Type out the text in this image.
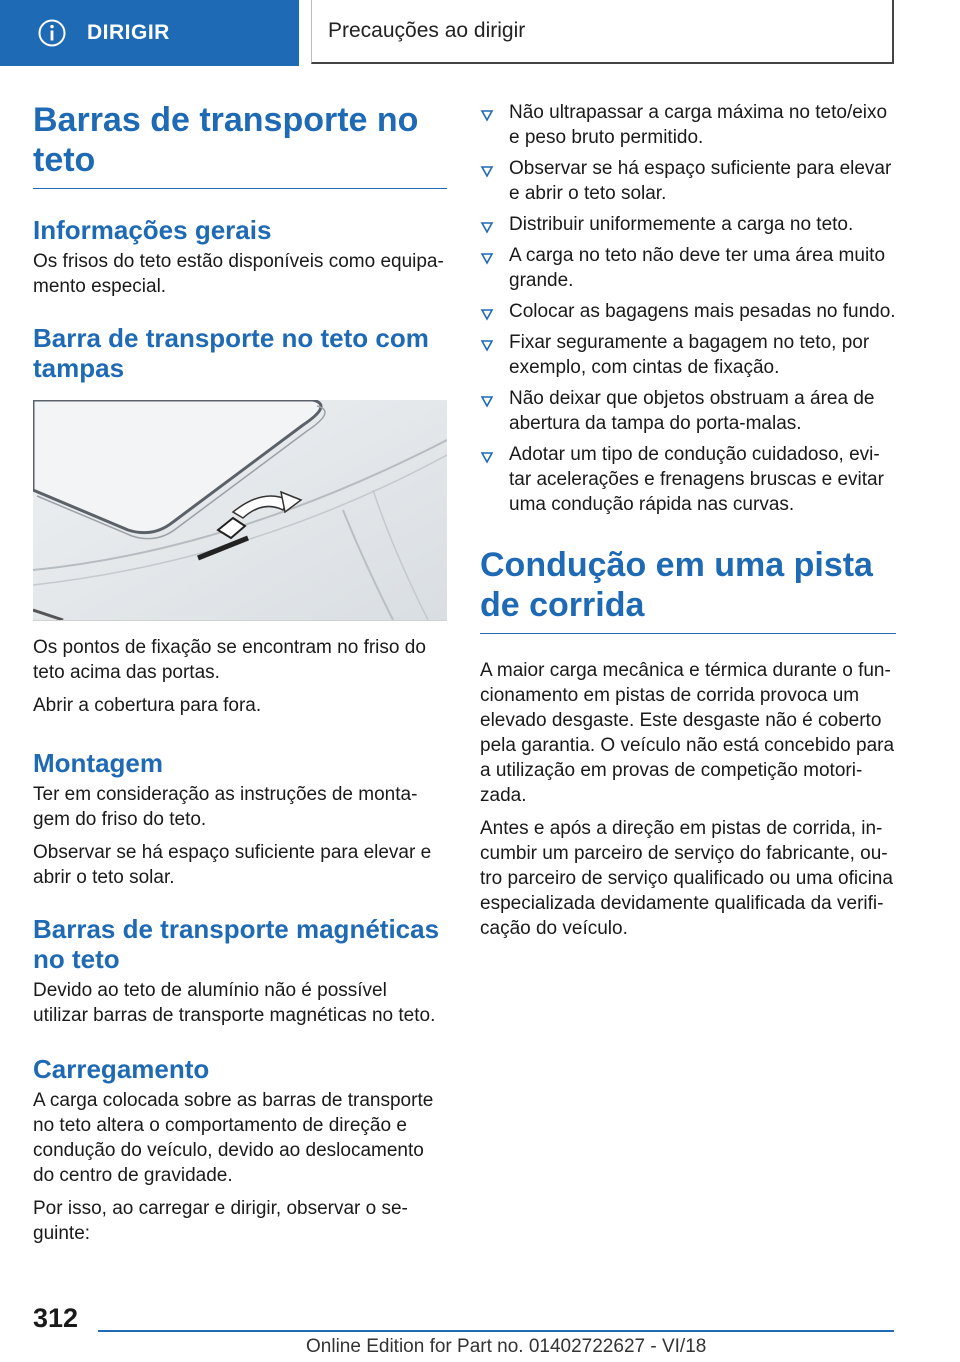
DIRIGIR	Precauções ao dirigir
Barras de transporte no teto
Informações gerais

Os frisos do teto estão disponíveis como equipa-mento especial.

Barra de transporte no teto com tampas

Os pontos de fixação se encontram no friso do teto acima das portas.

Abrir a cobertura para fora.

Montagem

Ter em consideração as instruções de monta-gem do friso do teto.

Observar se há espaço suficiente para elevar e abrir o teto solar.

Barras de transporte magnéticas no teto

Devido ao teto de alumínio não é possível utilizar barras de transporte magnéticas no teto.

Carregamento

A carga colocada sobre as barras de transporte no teto altera o comportamento de direção e condução do veículo, devido ao deslocamento do centro de gravidade.

Por isso, ao carregar e dirigir, observar o se-guinte:

Não ultrapassar a carga máxima no teto/eixo e peso bruto permitido.
Observar se há espaço suficiente para elevar e abrir o teto solar.
Distribuir uniformemente a carga no teto.
A carga no teto não deve ter uma área muito grande.
Colocar as bagagens mais pesadas no fundo.
Fixar seguramente a bagagem no teto, por exemplo, com cintas de fixação.
Não deixar que objetos obstruam a área de abertura da tampa do porta-malas.
Adotar um tipo de condução cuidadoso, evi-tar acelerações e frenagens bruscas e evitar uma condução rápida nas curvas.
Condução em uma pista de corrida

A maior carga mecânica e térmica durante o fun-cionamento em pistas de corrida provoca um elevado desgaste. Este desgaste não é coberto pela garantia. O veículo não está concebido para a utilização em provas de competição motori-zada.

Antes e após a direção em pistas de corrida, in-cumbir um parceiro de serviço do fabricante, ou-tro parceiro de serviço qualificado ou uma oficina especializada devidamente qualificada da verifi-cação do veículo.

312
Online Edition for Part no. 01402722627 - VI/18
